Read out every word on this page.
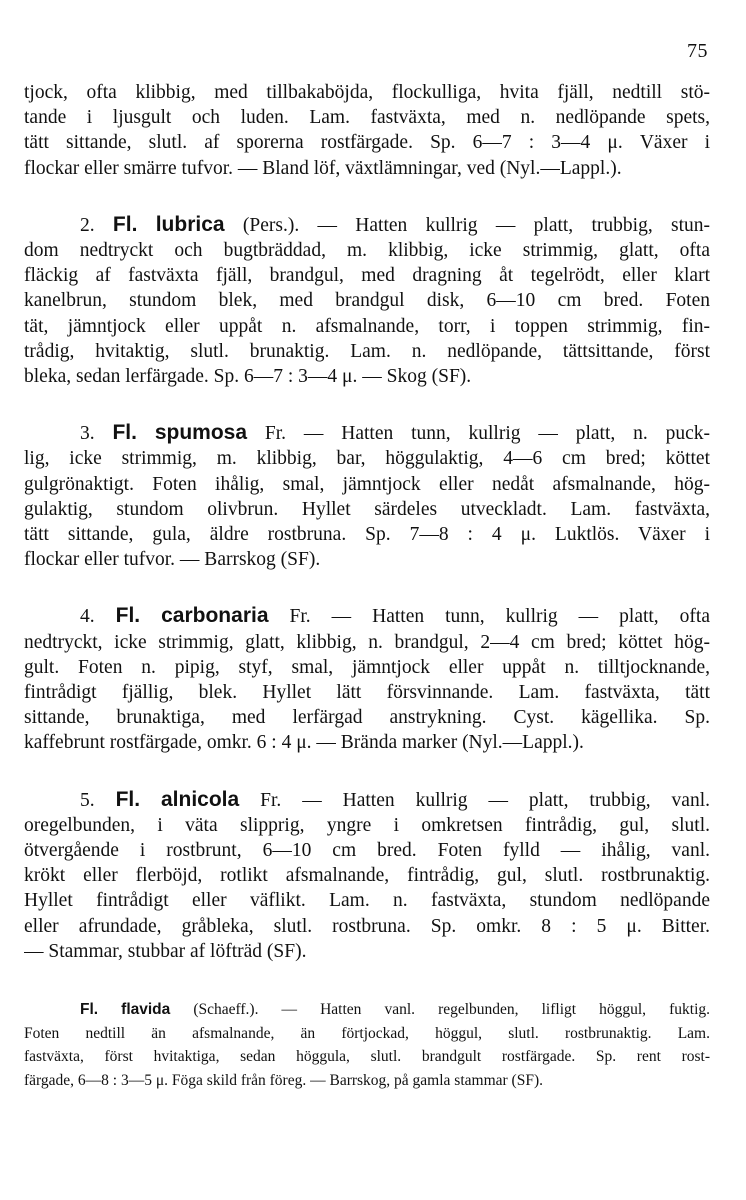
75
tjock, ofta klibbig, med tillbakaböjda, flockulliga, hvita fjäll, nedtill stö-
tande i ljusgult och luden. Lam. fastväxta, med n. nedlöpande spets,
tätt sittande, slutl. af sporerna rostfärgade. Sp. 6—7 : 3—4 μ. Växer i
flockar eller smärre tufvor. — Bland löf, växtlämningar, ved (Nyl.—Lappl.).
2. Fl. lubrica (Pers.). — Hatten kullrig — platt, trubbig, stun-
dom nedtryckt och bugtbräddad, m. klibbig, icke strimmig, glatt, ofta
fläckig af fastväxta fjäll, brandgul, med dragning åt tegelrödt, eller klart
kanelbrun, stundom blek, med brandgul disk, 6—10 cm bred. Foten
tät, jämntjock eller uppåt n. afsmalnande, torr, i toppen strimmig, fin-
trådig, hvitaktig, slutl. brunaktig. Lam. n. nedlöpande, tättsittande, först
bleka, sedan lerfärgade. Sp. 6—7 : 3—4 μ. — Skog (SF).
3. Fl. spumosa Fr. — Hatten tunn, kullrig — platt, n. puck-
lig, icke strimmig, m. klibbig, bar, höggulaktig, 4—6 cm bred; köttet
gulgrönaktigt. Foten ihålig, smal, jämntjock eller nedåt afsmalnande, hög-
gulaktig, stundom olivbrun. Hyllet särdeles utveckladt. Lam. fastväxta,
tätt sittande, gula, äldre rostbruna. Sp. 7—8 : 4 μ. Luktlös. Växer i
flockar eller tufvor. — Barrskog (SF).
4. Fl. carbonaria Fr. — Hatten tunn, kullrig — platt, ofta
nedtryckt, icke strimmig, glatt, klibbig, n. brandgul, 2—4 cm bred; köttet hög-
gult. Foten n. pipig, styf, smal, jämntjock eller uppåt n. tilltjocknande,
fintrådigt fjällig, blek. Hyllet lätt försvinnande. Lam. fastväxta, tätt
sittande, brunaktiga, med lerfärgad anstrykning. Cyst. kägellika. Sp.
kaffebrunt rostfärgade, omkr. 6 : 4 μ. — Brända marker (Nyl.—Lappl.).
5. Fl. alnicola Fr. — Hatten kullrig — platt, trubbig, vanl.
oregelbunden, i väta slipprig, yngre i omkretsen fintrådig, gul, slutl.
ötvergående i rostbrunt, 6—10 cm bred. Foten fylld — ihålig, vanl.
krökt eller flerböjd, rotlikt afsmalnande, fintrådig, gul, slutl. rostbrunaktig.
Hyllet fintrådigt eller väflikt. Lam. n. fastväxta, stundom nedlöpande
eller afrundade, gråbleka, slutl. rostbruna. Sp. omkr. 8 : 5 μ. Bitter.
— Stammar, stubbar af löfträd (SF).
Fl. flavida (Schaeff.). — Hatten vanl. regelbunden, lifligt höggul, fuktig.
Foten nedtill än afsmalnande, än förtjockad, höggul, slutl. rostbrunaktig. Lam.
fastväxta, först hvitaktiga, sedan höggula, slutl. brandgult rostfärgade. Sp. rent rost-
färgade, 6—8 : 3—5 μ. Föga skild från föreg. — Barrskog, på gamla stammar (SF).
